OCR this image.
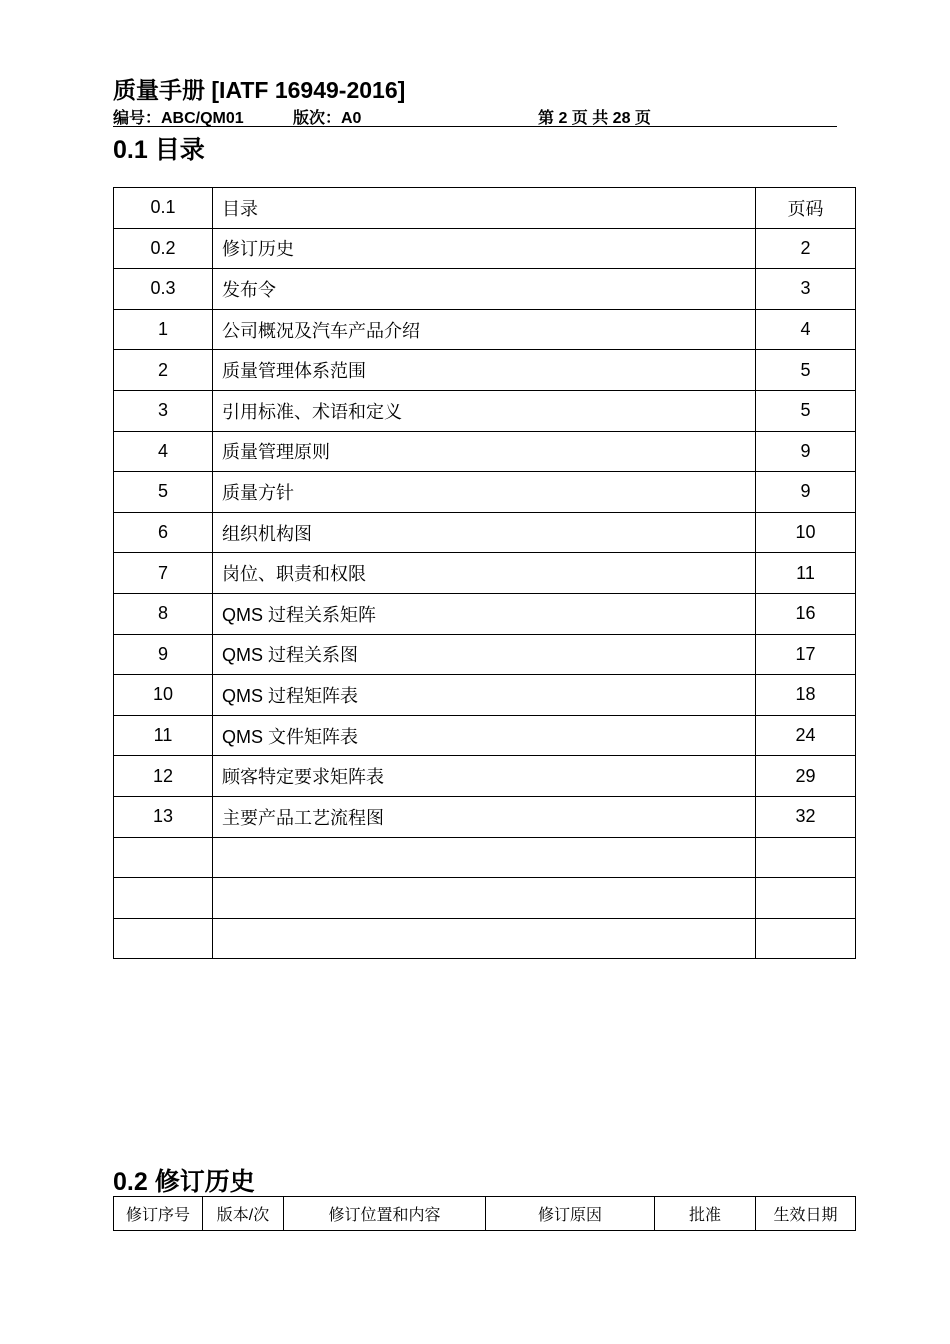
质量手册 [IATF 16949-2016]
编号：ABC/QM01	版次：A0	第 2 页 共 28 页
0.1 目录
0.1	目录	页码
0.2	修订历史	2
0.3	发布令	3
1	公司概况及汽车产品介绍	4
2	质量管理体系范围	5
3	引用标准、术语和定义	5
4	质量管理原则	9
5	质量方针	9
6	组织机构图	10
7	岗位、职责和权限	11
8	QMS 过程关系矩阵	16
9	QMS 过程关系图	17
10	QMS 过程矩阵表	18
11	QMS 文件矩阵表	24
12	顾客特定要求矩阵表	29
13	主要产品工艺流程图	32

0.2 修订历史
修订序号	版本/次	修订位置和内容	修订原因	批准	生效日期
